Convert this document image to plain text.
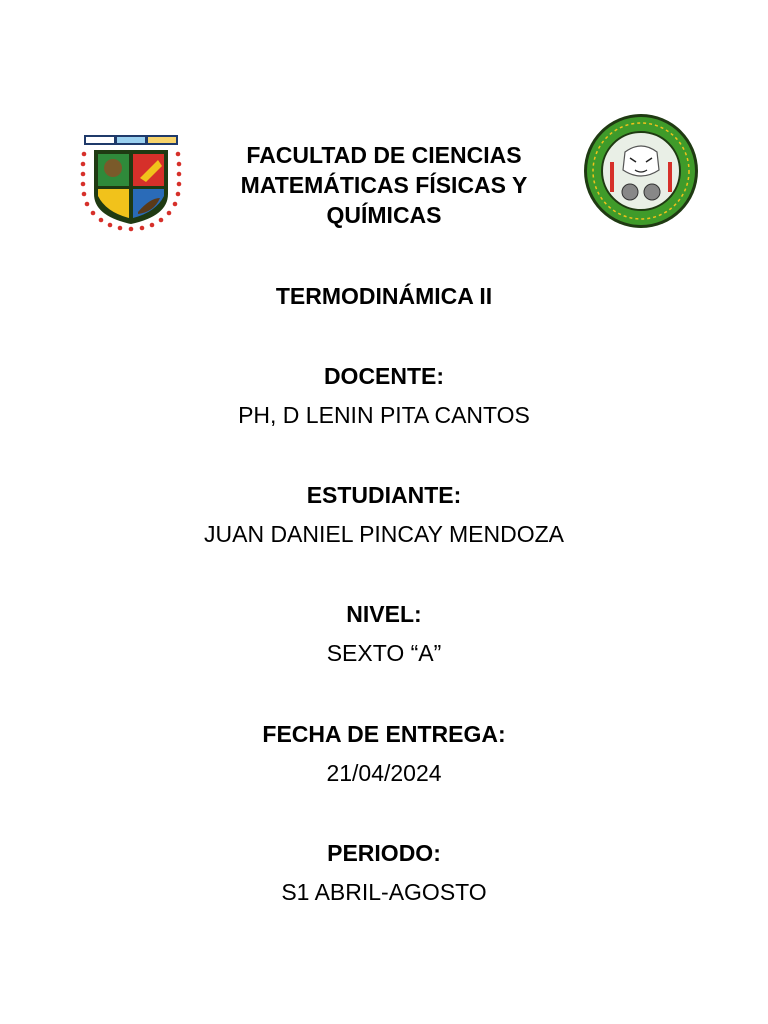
FACULTAD DE CIENCIAS
MATEMÁTICAS FÍSICAS Y
QUÍMICAS
TERMODINÁMICA II
DOCENTE:
PH, D LENIN PITA CANTOS
ESTUDIANTE:
JUAN DANIEL PINCAY MENDOZA
NIVEL:
SEXTO “A”
FECHA DE ENTREGA:
21/04/2024
PERIODO:
S1 ABRIL-AGOSTO
